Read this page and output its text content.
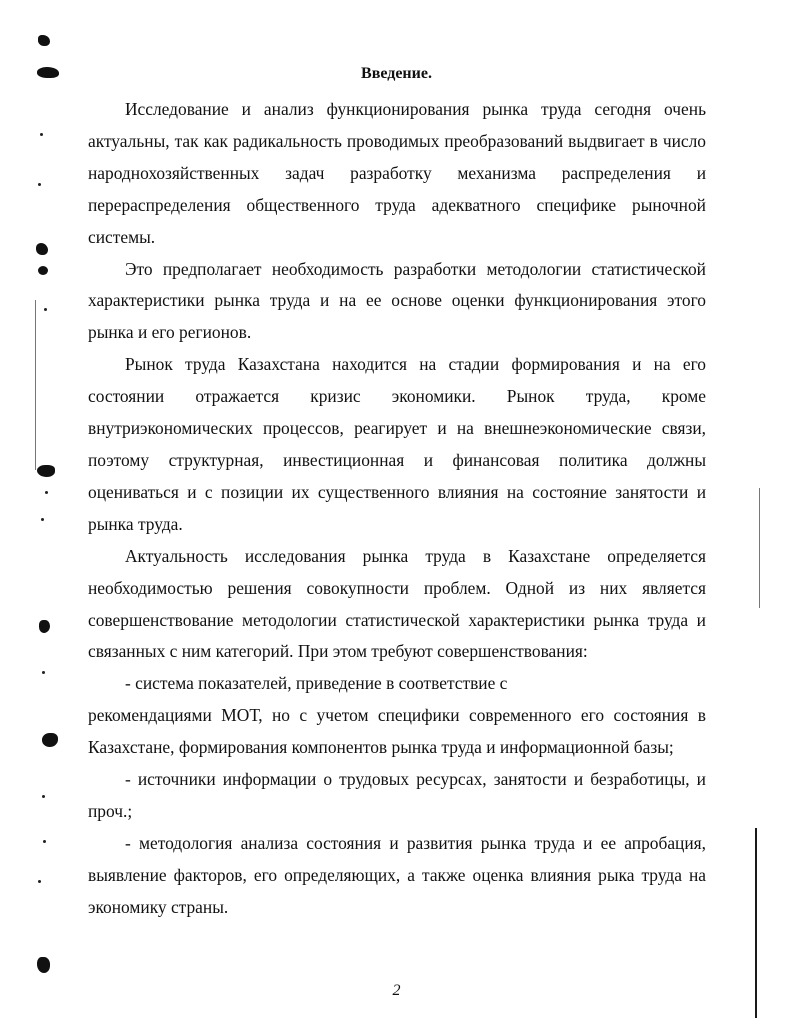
Введение.

Исследование и анализ функционирования рынка труда сегодня очень актуальны, так как радикальность проводимых преобразований выдвигает в число народнохозяйственных задач разработку механизма распределения и перераспределения общественного труда адекватного специфике рыночной системы.

Это предполагает необходимость разработки методологии статистической характеристики рынка труда и на ее основе оценки функционирования этого рынка и его регионов.

Рынок труда Казахстана находится на стадии формирования и на его состоянии отражается кризис экономики. Рынок труда, кроме внутриэкономических процессов, реагирует и на внешнеэкономические связи, поэтому структурная, инвестиционная и финансовая политика должны оцениваться и с позиции их существенного влияния на состояние занятости и рынка труда.

Актуальность исследования рынка труда в Казахстане определяется необходимостью решения совокупности проблем. Одной из них является совершенствование методологии статистической характеристики рынка труда и связанных с ним категорий. При этом требуют совершенствования:

- система показателей, приведение в соответствие с

рекомендациями МОТ, но с учетом специфики современного его состояния в Казахстане, формирования компонентов рынка труда и информационной базы;

- источники информации о трудовых ресурсах, занятости и безработицы, и проч.;

- методология анализа состояния и развития рынка труда и ее апробация, выявление факторов, его определяющих, а также оценка влияния рыка труда на экономику страны.

2
